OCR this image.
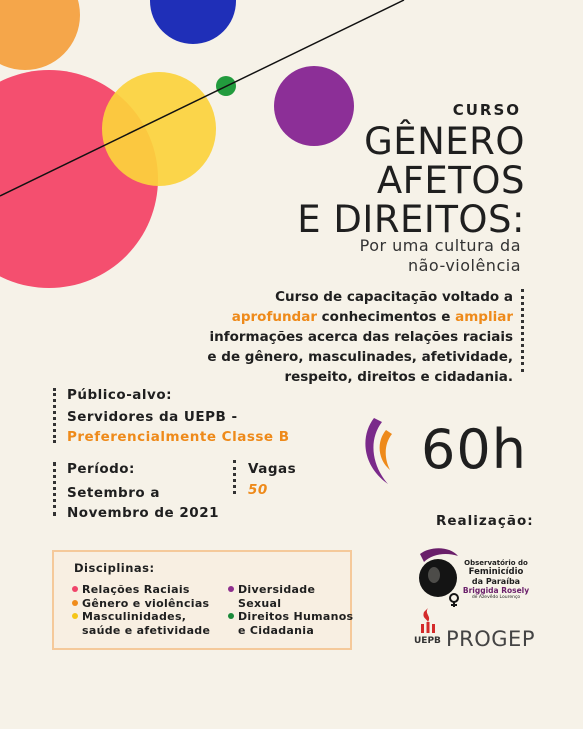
CURSO
GÊNERO
AFETOS
E DIREITOS:
Por uma cultura da
não-violência
Curso de capacitação voltado a
aprofundar conhecimentos e ampliar
informações acerca das relações raciais
e de gênero, masculinades, afetividade,
respeito, direitos e cidadania.
Público-alvo:
Servidores da UEPB -
Preferencialmente Classe B
Período:
Setembro a
Novembro de 2021
Vagas
50
60h
Disciplinas:
Relações Raciais
Gênero e violências
Masculinidades,
saúde e afetividade
Diversidade
Sexual
Direitos Humanos
e Cidadania
Realização:
Observatório do
Feminicídio
da Paraíba
Briggida Rosely
de Azevêdo Lourenço
UEPB PROGEP
